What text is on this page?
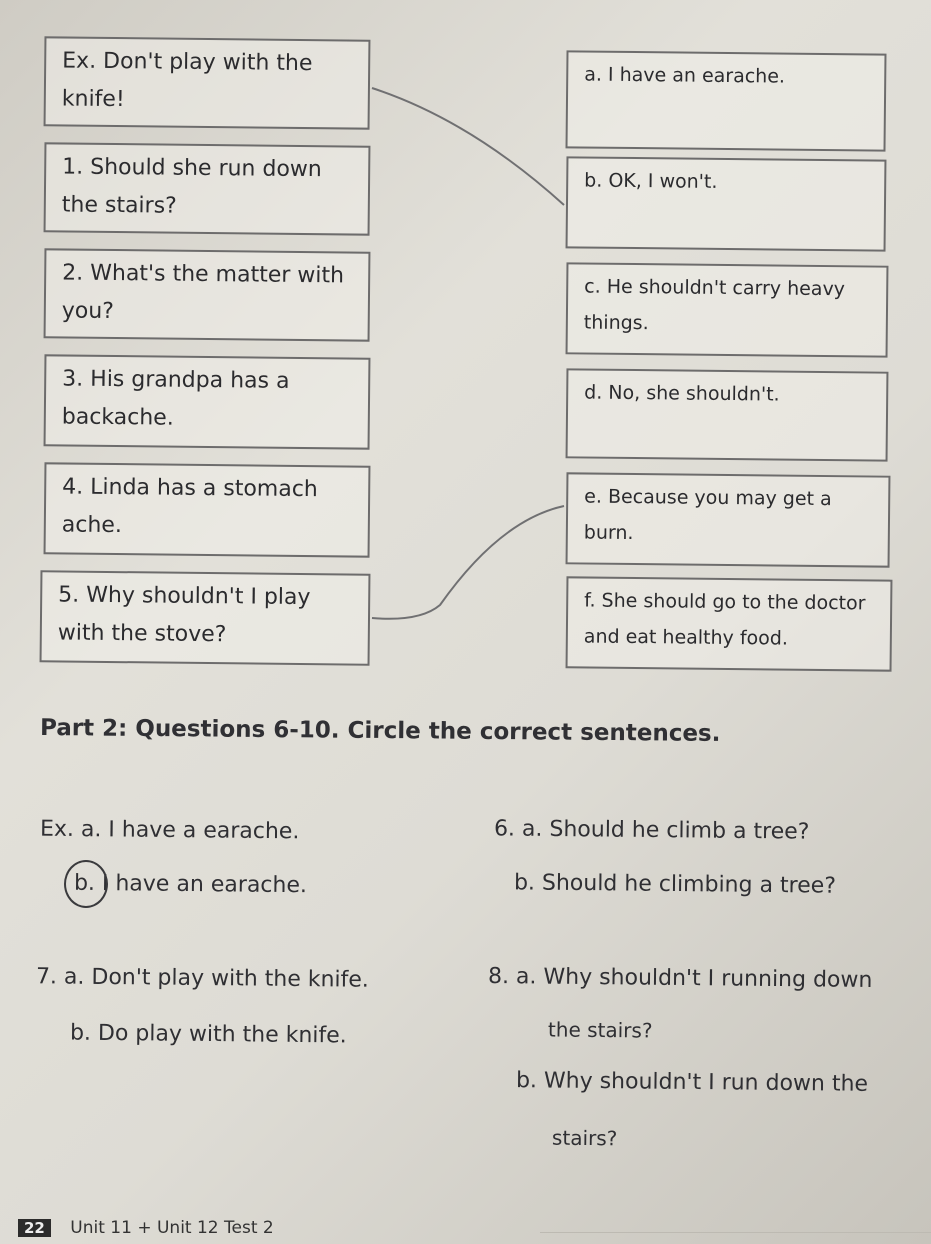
Ex. Don't play with the knife!
1. Should she run down the stairs?
2. What's the matter with you?
3. His grandpa has a backache.
4. Linda has a stomach ache.
5. Why shouldn't I play with the stove?
a. I have an earache.
b. OK, I won't.
c. He shouldn't carry heavy things.
d. No, she shouldn't.
e. Because you may get a burn.
f. She should go to the doctor and eat healthy food.
Part 2: Questions 6-10. Circle the correct sentences.
Ex. a. I have a earache.
b. I have an earache.
6. a. Should he climb a tree?
b. Should he climbing a tree?
7. a. Don't play with the knife.
b. Do play with the knife.
8. a. Why shouldn't I running down
the stairs?
b. Why shouldn't I run down the
stairs?
22 Unit 11 + Unit 12 Test 2
